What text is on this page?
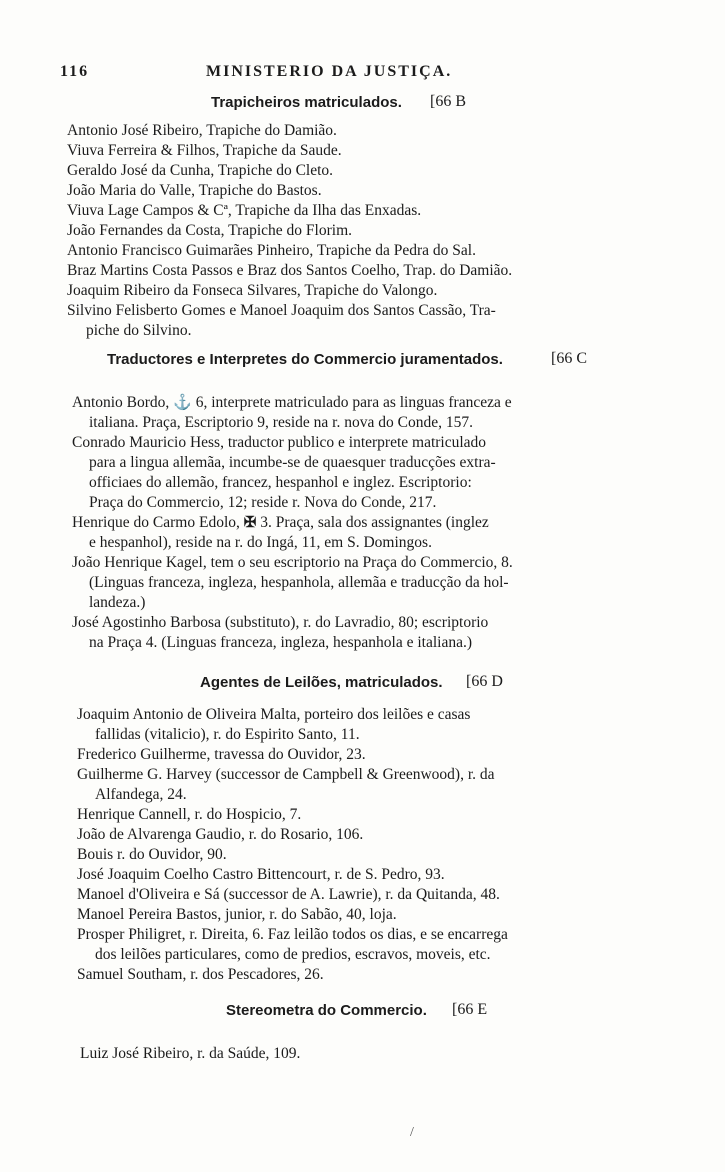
116	MINISTERIO DA JUSTIÇA.
Trapicheiros matriculados. [66 B
Antonio José Ribeiro, Trapiche do Damião.
Viuva Ferreira & Filhos, Trapiche da Saude.
Geraldo José da Cunha, Trapiche do Cleto.
João Maria do Valle, Trapiche do Bastos.
Viuva Lage Campos & Cª, Trapiche da Ilha das Enxadas.
João Fernandes da Costa, Trapiche do Florim.
Antonio Francisco Guimarães Pinheiro, Trapiche da Pedra do Sal.
Braz Martins Costa Passos e Braz dos Santos Coelho, Trap. do Damião.
Joaquim Ribeiro da Fonseca Silvares, Trapiche do Valongo.
Silvino Felisberto Gomes e Manoel Joaquim dos Santos Cassão, Tra-
piche do Silvino.
Traductores e Interpretes do Commercio juramentados.	[66 C
Antonio Bordo, ⚓ 6, interprete matriculado para as linguas franceza e
italiana. Praça, Escriptorio 9, reside na r. nova do Conde, 157.
Conrado Mauricio Hess, traductor publico e interprete matriculado
para a lingua allemãa, incumbe-se de quaesquer traducções extra-
officiaes do allemão, francez, hespanhol e inglez. Escriptorio:
Praça do Commercio, 12; reside r. Nova do Conde, 217.
Henrique do Carmo Edolo, ✠ 3. Praça, sala dos assignantes (inglez
e hespanhol), reside na r. do Ingá, 11, em S. Domingos.
João Henrique Kagel, tem o seu escriptorio na Praça do Commercio, 8.
(Linguas franceza, ingleza, hespanhola, allemãa e traducção da hol-
landeza.)
José Agostinho Barbosa (substituto), r. do Lavradio, 80; escriptorio
na Praça 4. (Linguas franceza, ingleza, hespanhola e italiana.)
Agentes de Leilões, matriculados. [66 D
Joaquim Antonio de Oliveira Malta, porteiro dos leilões e casas
fallidas (vitalicio), r. do Espirito Santo, 11.
Frederico Guilherme, travessa do Ouvidor, 23.
Guilherme G. Harvey (successor de Campbell & Greenwood), r. da
Alfandega, 24.
Henrique Cannell, r. do Hospicio, 7.
João de Alvarenga Gaudio, r. do Rosario, 106.
Bouis r. do Ouvidor, 90.
José Joaquim Coelho Castro Bittencourt, r. de S. Pedro, 93.
Manoel d'Oliveira e Sá (successor de A. Lawrie), r. da Quitanda, 48.
Manoel Pereira Bastos, junior, r. do Sabão, 40, loja.
Prosper Philigret, r. Direita, 6. Faz leilão todos os dias, e se encarrega
dos leilões particulares, como de predios, escravos, moveis, etc.
Samuel Southam, r. dos Pescadores, 26.
Stereometra do Commercio. [66 E
Luiz José Ribeiro, r. da Saúde, 109.
/
